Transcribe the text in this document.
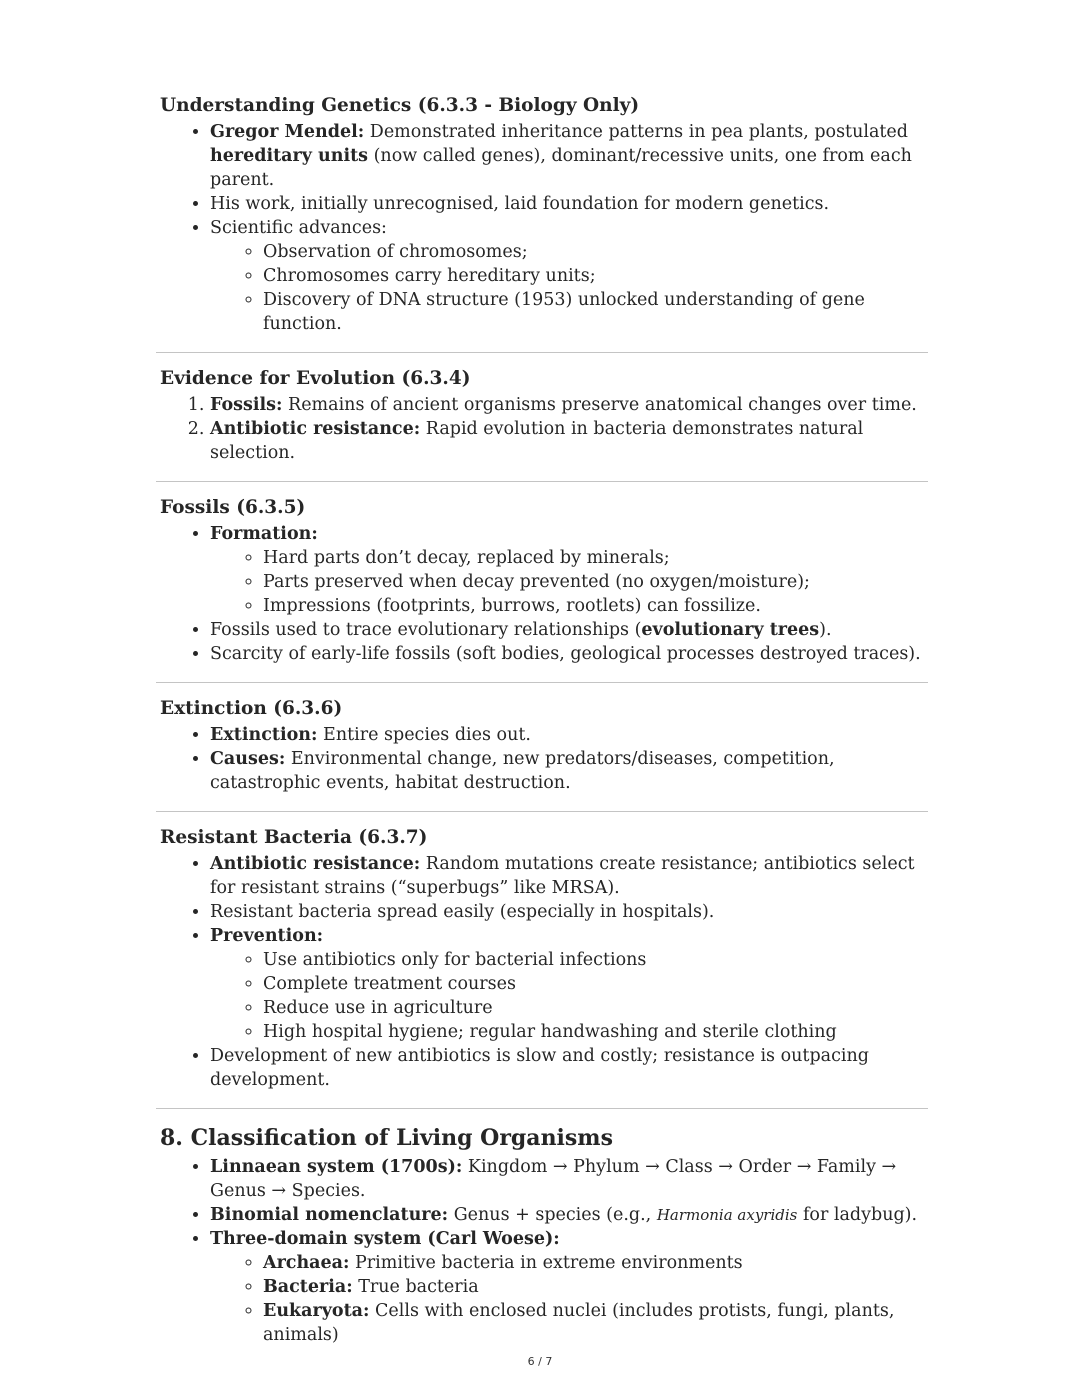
Understanding Genetics (6.3.3 - Biology Only)
• Gregor Mendel: Demonstrated inheritance patterns in pea plants, postulated hereditary units (now called genes), dominant/recessive units, one from each parent.
• His work, initially unrecognised, laid foundation for modern genetics.
• Scientific advances:
◦ Observation of chromosomes;
◦ Chromosomes carry hereditary units;
◦ Discovery of DNA structure (1953) unlocked understanding of gene function.
Evidence for Evolution (6.3.4)
1. Fossils: Remains of ancient organisms preserve anatomical changes over time.
2. Antibiotic resistance: Rapid evolution in bacteria demonstrates natural selection.
Fossils (6.3.5)
• Formation:
◦ Hard parts don’t decay, replaced by minerals;
◦ Parts preserved when decay prevented (no oxygen/moisture);
◦ Impressions (footprints, burrows, rootlets) can fossilize.
• Fossils used to trace evolutionary relationships (evolutionary trees).
• Scarcity of early-life fossils (soft bodies, geological processes destroyed traces).
Extinction (6.3.6)
• Extinction: Entire species dies out.
• Causes: Environmental change, new predators/diseases, competition, catastrophic events, habitat destruction.
Resistant Bacteria (6.3.7)
• Antibiotic resistance: Random mutations create resistance; antibiotics select for resistant strains (“superbugs” like MRSA).
• Resistant bacteria spread easily (especially in hospitals).
• Prevention:
◦ Use antibiotics only for bacterial infections
◦ Complete treatment courses
◦ Reduce use in agriculture
◦ High hospital hygiene; regular handwashing and sterile clothing
• Development of new antibiotics is slow and costly; resistance is outpacing development.
8. Classification of Living Organisms
• Linnaean system (1700s): Kingdom → Phylum → Class → Order → Family → Genus → Species.
• Binomial nomenclature: Genus + species (e.g., Harmonia axyridis for ladybug).
• Three-domain system (Carl Woese):
◦ Archaea: Primitive bacteria in extreme environments
◦ Bacteria: True bacteria
◦ Eukaryota: Cells with enclosed nuclei (includes protists, fungi, plants, animals)
6 / 7
